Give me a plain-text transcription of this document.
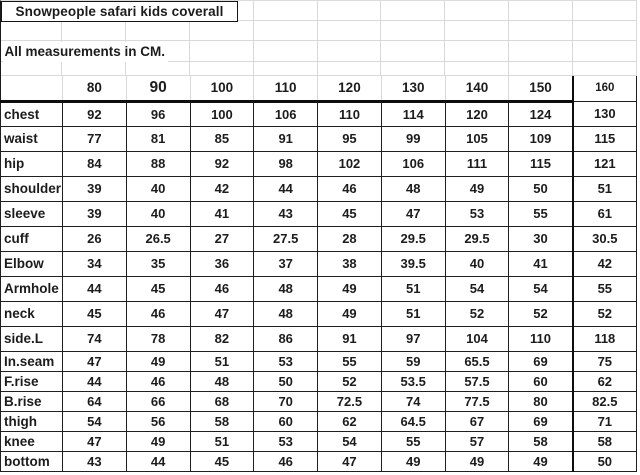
Snowpeople safari kids coverall
All measurements in CM.
	80	90	100	110	120	130	140	150	160
chest	92	96	100	106	110	114	120	124	130
waist	77	81	85	91	95	99	105	109	115
hip	84	88	92	98	102	106	111	115	121
shoulder	39	40	42	44	46	48	49	50	51
sleeve	39	40	41	43	45	47	53	55	61
cuff	26	26.5	27	27.5	28	29.5	29.5	30	30.5
Elbow	34	35	36	37	38	39.5	40	41	42
Armhole	44	45	46	48	49	51	54	54	55
neck	45	46	47	48	49	51	52	52	52
side.L	74	78	82	86	91	97	104	110	118
In.seam	47	49	51	53	55	59	65.5	69	75
F.rise	44	46	48	50	52	53.5	57.5	60	62
B.rise	64	66	68	70	72.5	74	77.5	80	82.5
thigh	54	56	58	60	62	64.5	67	69	71
knee	47	49	51	53	54	55	57	58	58
bottom	43	44	45	46	47	49	49	49	50
